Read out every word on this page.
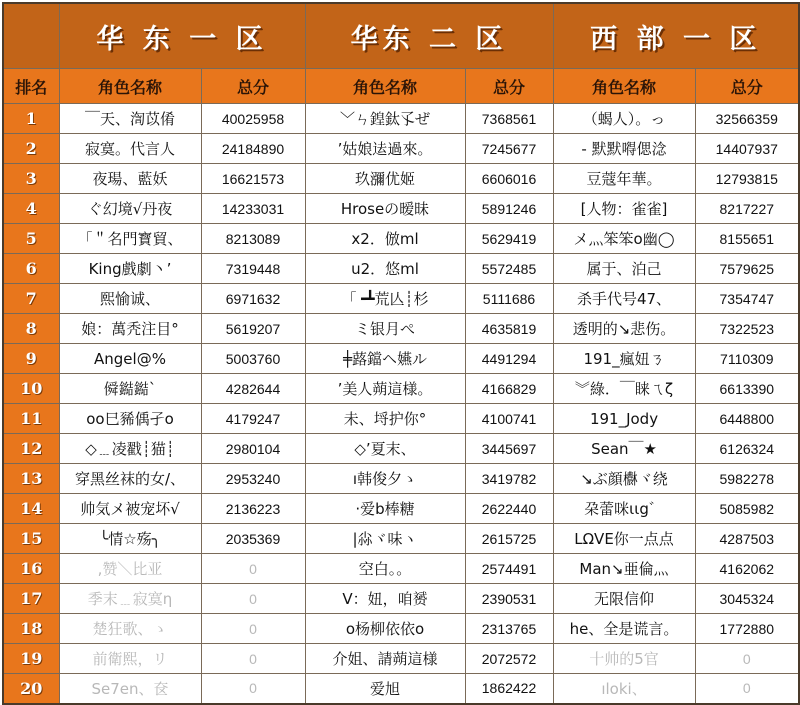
	华 东 一 区		华东 二 区		西 部 一 区	
排名	角色名称	总分	角色名称	总分	角色名称	总分
1	￣天、渹苡倄	40025958	﹀ㄣ鍠鈦孓ぜ	7368561	（蝎人）。っ	32566359
2	寂寞。代言人	24184890	’姑娘迲過來。	7245677	- 默默嘚偲淰	14407937
3	夜瑒、藍妖	16621573	玖瀰优姬	6606016	豆蔻年華。	12793815
4	ぐ幻境√丹夜	14233031	Hroseの暧昧	5891246	[人物：雀雀]	8217227
5	「＂名門寳貿、	8213089	x2．倣ml	5629419	メ灬笨笨o幽◯	8155651
6	King戲劇丶’	7319448	u2．悠ml	5572485	属于、泊己	7579625
7	熙愉诚、	6971632	「╺┻荒亾┊杉	5111686	杀手代号47、	7354747
8	娘：萬秃注目°	5619207	ミ银月ぺ	4635819	透明的↘悲伤。	7322523
9	Angel@%	5003760	╪蕗鐺ヘ嬿ル	4491294	191_瘋妞ㄋ	7110309
10	僢鐑鐑ˋ	4282644	’美人蒴這様。	4166829	︾綠．￣睐ㄟζ	6613390
11	oo巳豨偊孑o	4179247	未、埒护你°	4100741	191_Jody	6448800
12	◇﹍凌戳┊猫┊	2980104	◇’夏末、	3445697	Sean￣★	6126324
13	穿黑丝袜的女/、	2953240	ı韩俊夕ゝ	3419782	↘ぶ顔欁ヾ绕	5982278
14	帅気メ被宠坏√	2136223	·爱b棒糖	2622440	朶蕾咪ιιg゛	5085982
15	╰情☆殇╮	2035369	|尛ヾ味ヽ	2615725	LΩⅤE你一点点	4287503
16	,赞＼比亚	0	空白。。	2574491	Man↘亜倫灬	4162062
17	季末﹍寂寞η	0	V：妞，咱赟	2390531	无限信仰	3045324
18	楚狂歌、ゝ	0	o杨柳依依o	2313765	he、全是谎言。	1772880
19	前衛熙，リ	0	介姐、請蒴這様	2072572	十帅的5官	0
20	Se7en、奁	0	爱旭	1862422	ıloki、	0
